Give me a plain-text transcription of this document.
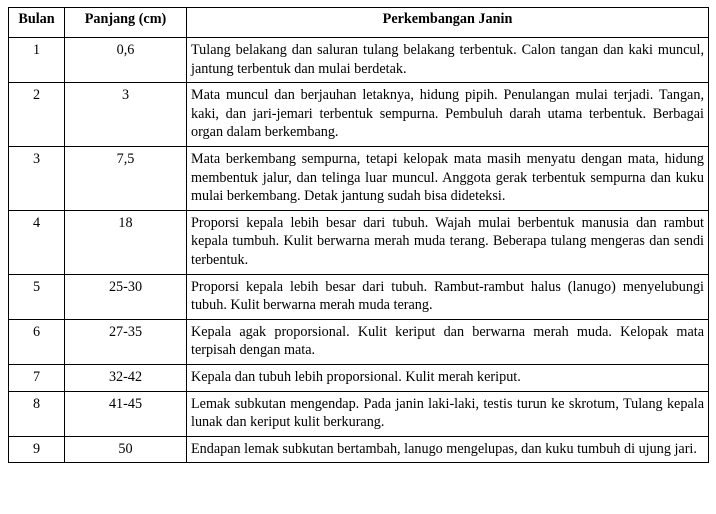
Bulan	Panjang (cm)	Perkembangan Janin
1	0,6	Tulang belakang dan saluran tulang belakang terbentuk. Calon tangan dan kaki muncul, jantung terbentuk dan mulai berdetak.
2	3	Mata muncul dan berjauhan letaknya, hidung pipih. Penulangan mulai terjadi. Tangan, kaki, dan jari-jemari terbentuk sempurna. Pembuluh darah utama terbentuk. Berbagai organ dalam berkembang.
3	7,5	Mata berkembang sempurna, tetapi kelopak mata masih menyatu dengan mata, hidung membentuk jalur, dan telinga luar muncul. Anggota gerak terbentuk sempurna dan kuku mulai berkembang. Detak jantung sudah bisa dideteksi.
4	18	Proporsi kepala lebih besar dari tubuh. Wajah mulai berbentuk manusia dan rambut kepala tumbuh. Kulit berwarna merah muda terang. Beberapa tulang mengeras dan sendi terbentuk.
5	25-30	Proporsi kepala lebih besar dari tubuh. Rambut-rambut halus (lanugo) menyelubungi tubuh. Kulit berwarna merah muda terang.
6	27-35	Kepala agak proporsional. Kulit keriput dan berwarna merah muda. Kelopak mata terpisah dengan mata.
7	32-42	Kepala dan tubuh lebih proporsional. Kulit merah keriput.
8	41-45	Lemak subkutan mengendap. Pada janin laki-laki, testis turun ke skrotum, Tulang kepala lunak dan keriput kulit berkurang.
9	50	Endapan lemak subkutan bertambah, lanugo mengelupas, dan kuku tumbuh di ujung jari.
